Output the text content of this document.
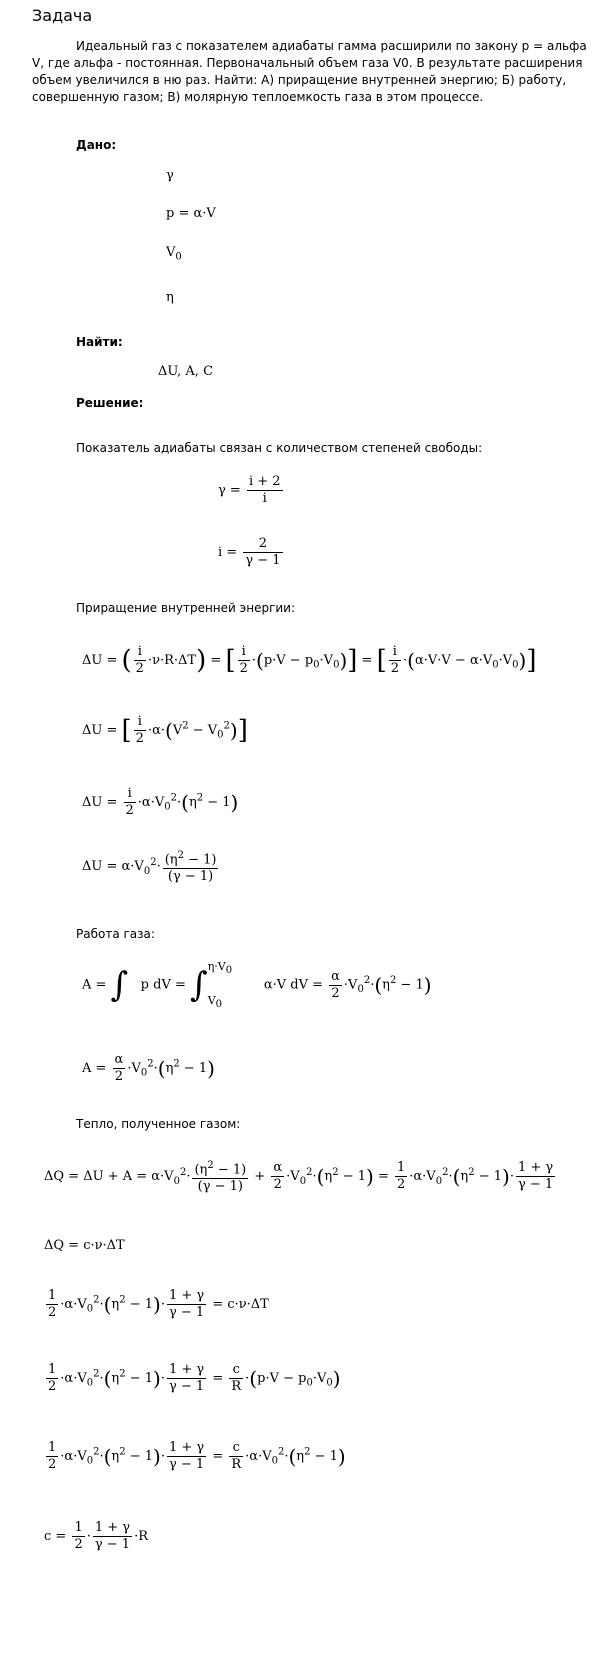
Задача
Идеальный газ с показателем адиабаты гамма расширили по закону p = альфа V, где альфа - постоянная. Первоначальный объем газа V0. В результате расширения объем увеличился в ню раз. Найти: А) приращение внутренней энергию; Б) работу, совершенную газом; В) молярную теплоемкость газа в этом процессе.
Дано:
γ
p = α·V
$V_0$
η
Найти:
ΔU, A, C
Решение:
Показатель адиабаты связан с количеством степеней свободы:
$\gamma = \frac{i + 2}{i}$
$i = \frac{2}{\gamma - 1}$
Приращение внутренней энергии:
ΔU = ( $\frac{i}{2} \cdot\nu\cdot R\cdot\Delta T$) = [ $\frac{i}{2} \cdot(p\cdot V - p_0\cdot V_0)$] = [ $\frac{i}{2} \cdot(\alpha\cdot V\cdot V - \alpha\cdot V_0\cdot V_0)$]
ΔU = [ $\frac{i}{2} \cdot\alpha\cdot(V^2 - V_0^2)$]
$\Delta U = \frac{i}{2} \cdot\alpha\cdot V_0^2\cdot(\eta^2 - 1)$
$\Delta U = \alpha\cdot V_0^2\cdot \frac{(\eta^2 - 1)}{(\gamma - 1)}$
Работа газа:
A = ∫   p dV = ∫ $\eta\cdot V_0$
$V_0$
α·V dV = $\frac{\alpha}{2} \cdot V_0^2\cdot(\eta^2 - 1)$
$A = \frac{\alpha}{2} \cdot V_0^2\cdot(\eta^2 - 1)$
Тепло, полученное газом:
$\Delta Q = \Delta U + A = \alpha\cdot V_0^2\cdot \frac{(\eta^2 - 1)}{(\gamma - 1)} + \frac{\alpha}{2} \cdot V_0^2\cdot(\eta^2 - 1) = \frac{1}{2} \cdot\alpha\cdot V_0^2\cdot(\eta^2 - 1)\cdot \frac{1 + \gamma}{\gamma - 1}$
ΔQ = c·ν·ΔT
$\frac{1}{2} \cdot\alpha\cdot V_0^2\cdot(\eta^2 - 1)\cdot \frac{1 + \gamma}{\gamma - 1} = c\cdot\nu\cdot\Delta T$
$\frac{1}{2} \cdot\alpha\cdot V_0^2\cdot(\eta^2 - 1)\cdot \frac{1 + \gamma}{\gamma - 1} = \frac{c}{R} \cdot(p\cdot V - p_0\cdot V_0)$
$\frac{1}{2} \cdot\alpha\cdot V_0^2\cdot(\eta^2 - 1)\cdot \frac{1 + \gamma}{\gamma - 1} = \frac{c}{R} \cdot\alpha\cdot V_0^2\cdot(\eta^2 - 1)$
$c = \frac{1}{2} \cdot \frac{1 + \gamma}{\gamma - 1} \cdot R$
